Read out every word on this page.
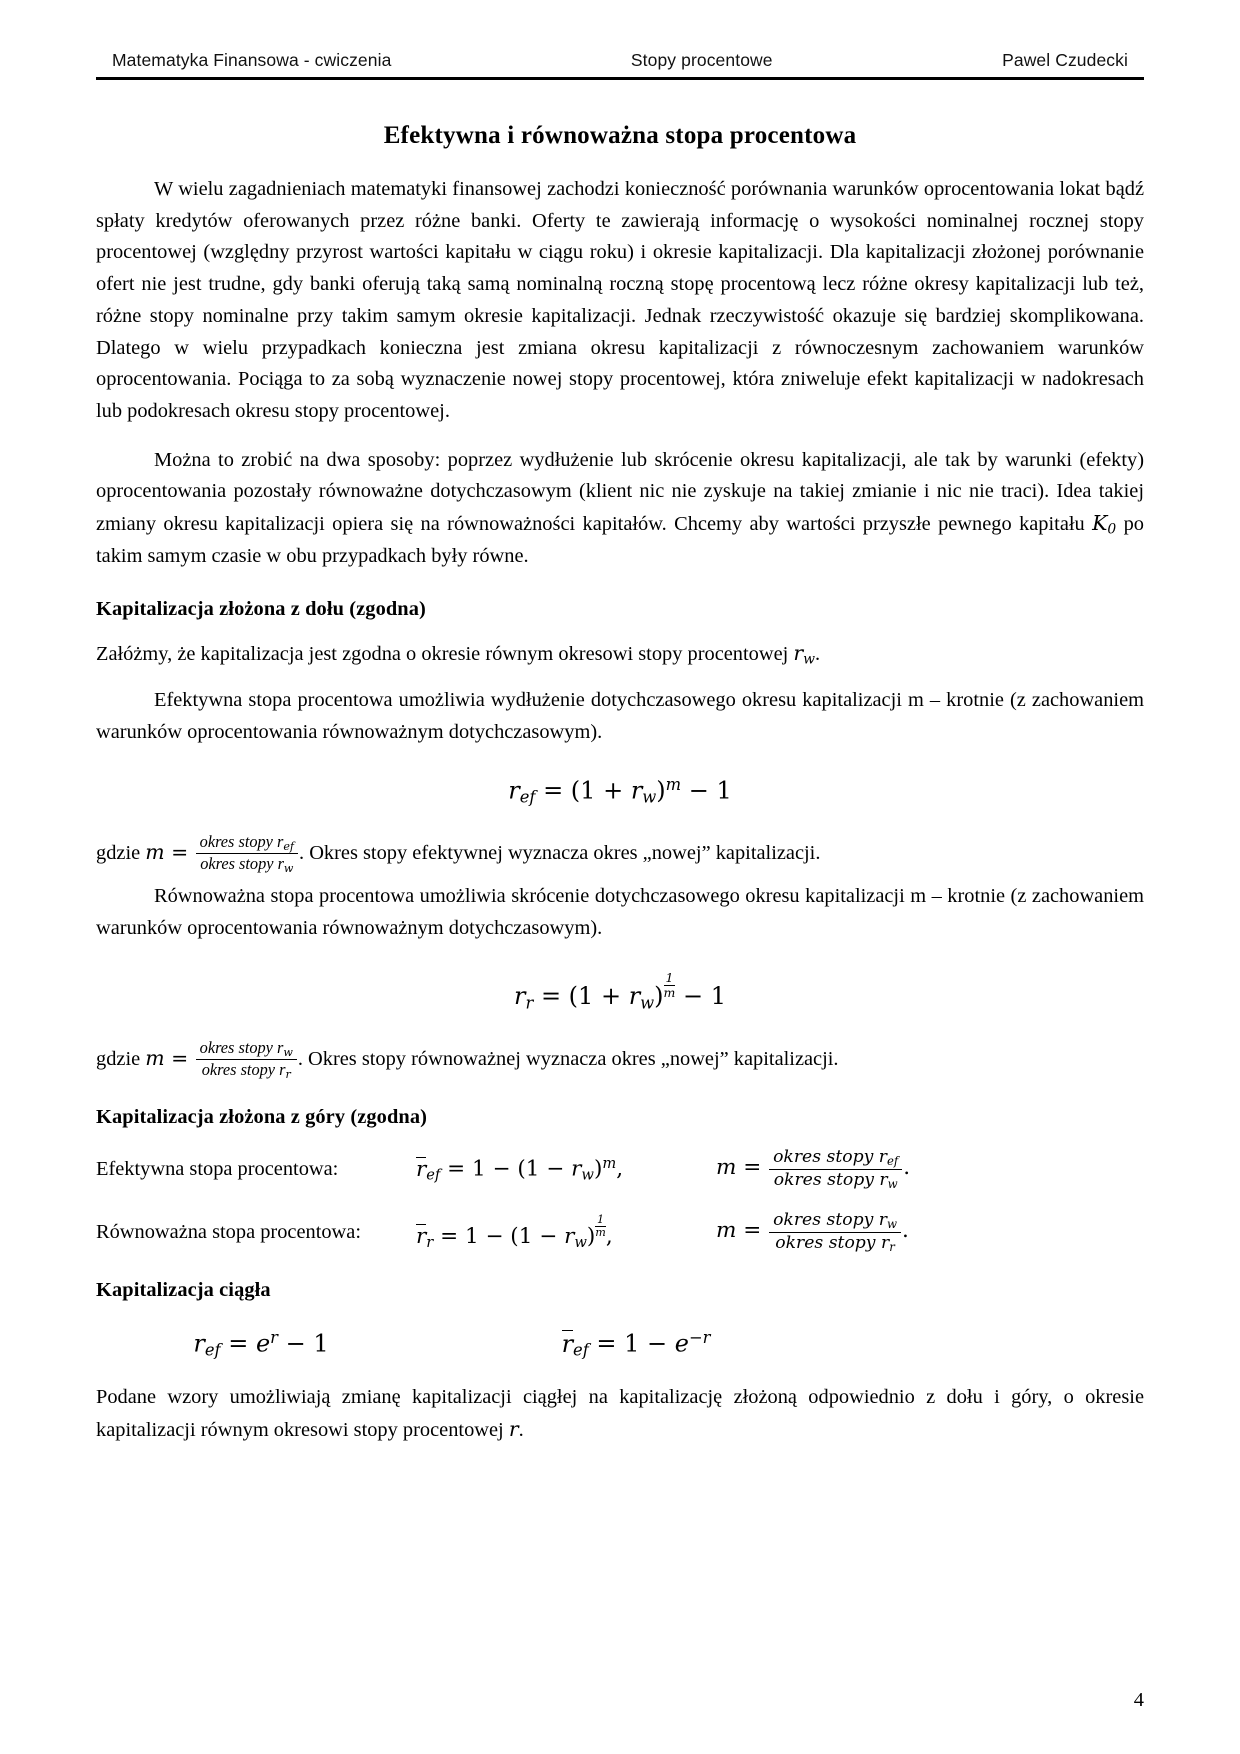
Matematyka Finansowa - cwiczenia	Stopy procentowe	Pawel Czudecki
Efektywna i równoważna stopa procentowa

W wielu zagadnieniach matematyki finansowej zachodzi konieczność porównania warunków oprocentowania lokat bądź spłaty kredytów oferowanych przez różne banki. Oferty te zawierają informację o wysokości nominalnej rocznej stopy procentowej (względny przyrost wartości kapitału w ciągu roku) i okresie kapitalizacji. Dla kapitalizacji złożonej porównanie ofert nie jest trudne, gdy banki oferują taką samą nominalną roczną stopę procentową lecz różne okresy kapitalizacji lub też, różne stopy nominalne przy takim samym okresie kapitalizacji. Jednak rzeczywistość okazuje się bardziej skomplikowana. Dlatego w wielu przypadkach konieczna jest zmiana okresu kapitalizacji z równoczesnym zachowaniem warunków oprocentowania. Pociąga to za sobą wyznaczenie nowej stopy procentowej, która zniweluje efekt kapitalizacji w nadokresach lub podokresach okresu stopy procentowej.

Można to zrobić na dwa sposoby: poprzez wydłużenie lub skrócenie okresu kapitalizacji, ale tak by warunki (efekty) oprocentowania pozostały równoważne dotychczasowym (klient nic nie zyskuje na takiej zmianie i nic nie traci). Idea takiej zmiany okresu kapitalizacji opiera się na równoważności kapitałów. Chcemy aby wartości przyszłe pewnego kapitału $K_0$ po takim samym czasie w obu przypadkach były równe.

Kapitalizacja złożona z dołu (zgodna)

Załóżmy, że kapitalizacja jest zgodna o okresie równym okresowi stopy procentowej $r_w$.

Efektywna stopa procentowa umożliwia wydłużenie dotychczasowego okresu kapitalizacji m – krotnie (z zachowaniem warunków oprocentowania równoważnym dotychczasowym).

$r_{ef} = (1 + r_w)^m - 1$

gdzie $m = \frac{okres stopy r_{ef}}{okres stopy r_w}$ . Okres stopy efektywnej wyznacza okres „nowej” kapitalizacji.

Równoważna stopa procentowa umożliwia skrócenie dotychczasowego okresu kapitalizacji m – krotnie (z zachowaniem warunków oprocentowania równoważnym dotychczasowym).

$r_r = (1 + r_w) \frac{1}{m} - 1$

gdzie $m = \frac{okres stopy r_w}{okres stopy r_r}$ . Okres stopy równoważnej wyznacza okres „nowej” kapitalizacji.

Kapitalizacja złożona z góry (zgodna)
Efektywna stopa procentowa:	$r_{ef} = 1 - (1 - r_w)^m$,	$m = \frac{okres stopy r_{ef}}{okres stopy r_w}$ .
Równoważna stopa procentowa:	$r_r = 1 - (1 - r_w) \frac{1}{m}$ ,	$m = \frac{okres stopy r_w}{okres stopy r_r}$ .
Kapitalizacja ciągła
$r_{ef} = e^r - 1$	$r_{ef} = 1 - e^{-r}$

Podane wzory umożliwiają zmianę kapitalizacji ciągłej na kapitalizację złożoną odpowiednio z dołu i góry, o okresie kapitalizacji równym okresowi stopy procentowej r.

4
